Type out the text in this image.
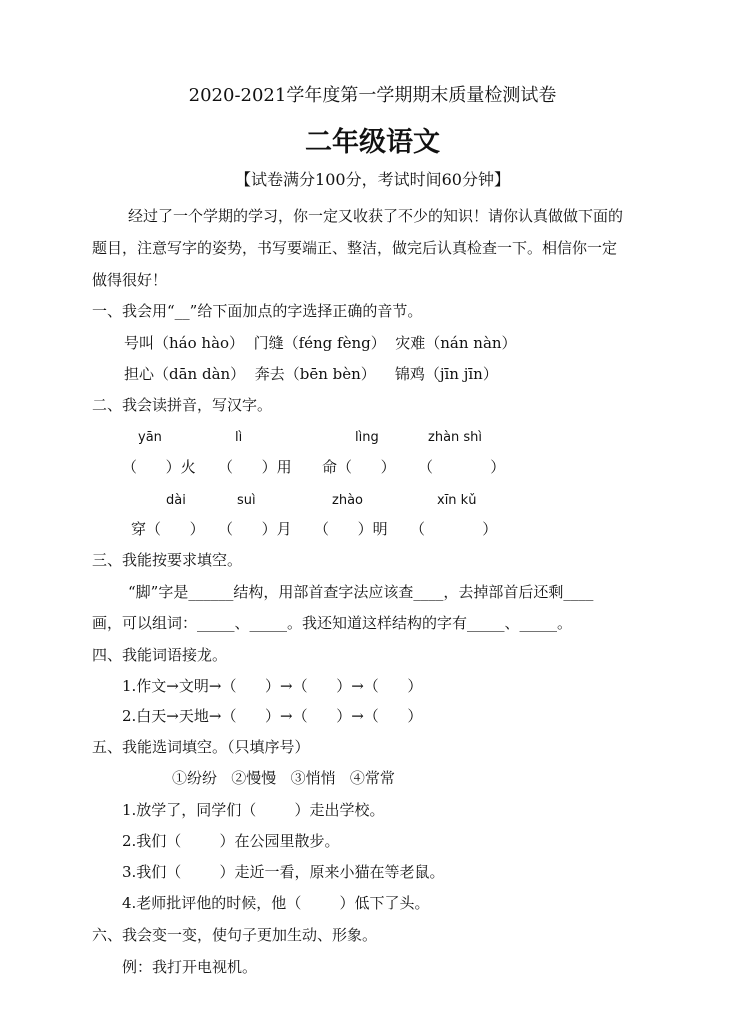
2020-2021学年度第一学期期末质量检测试卷
二年级语文
【试卷满分100分，考试时间60分钟】
经过了一个学期的学习，你一定又收获了不少的知识！请你认真做做下面的
题目，注意写字的姿势，书写要端正、整洁，做完后认真检查一下。相信你一定
做得很好！
一、我会用“__”给下面加点的字选择正确的音节。
号叫（háo hào）  门缝（féng fèng）  灾难（nán nàn）
担心（dān dàn）  奔去（bēn bèn）    锦鸡（jīn jīn）
二、我会读拼音，写汉字。
yān	lì	lìng	zhàn shì
（      ）火 （      ）用 命（      ） （            ）
dài	suì	zhào	xīn kǔ
穿（      ） （      ）月 （      ）明 （            ）
三、我能按要求填空。
“脚”字是______结构，用部首查字法应该查____，去掉部首后还剩____
画，可以组词：_____、_____。我还知道这样结构的字有_____、_____。
四、我能词语接龙。
1.作文→文明→（      ）→（      ）→（      ）
2.白天→天地→（      ）→（      ）→（      ）
五、我能选词填空。（只填序号）
①纷纷   ②慢慢   ③悄悄   ④常常
1.放学了，同学们（        ）走出学校。
2.我们（        ）在公园里散步。
3.我们（        ）走近一看，原来小猫在等老鼠。
4.老师批评他的时候，他（        ）低下了头。
六、我会变一变，使句子更加生动、形象。
例：我打开电视机。
